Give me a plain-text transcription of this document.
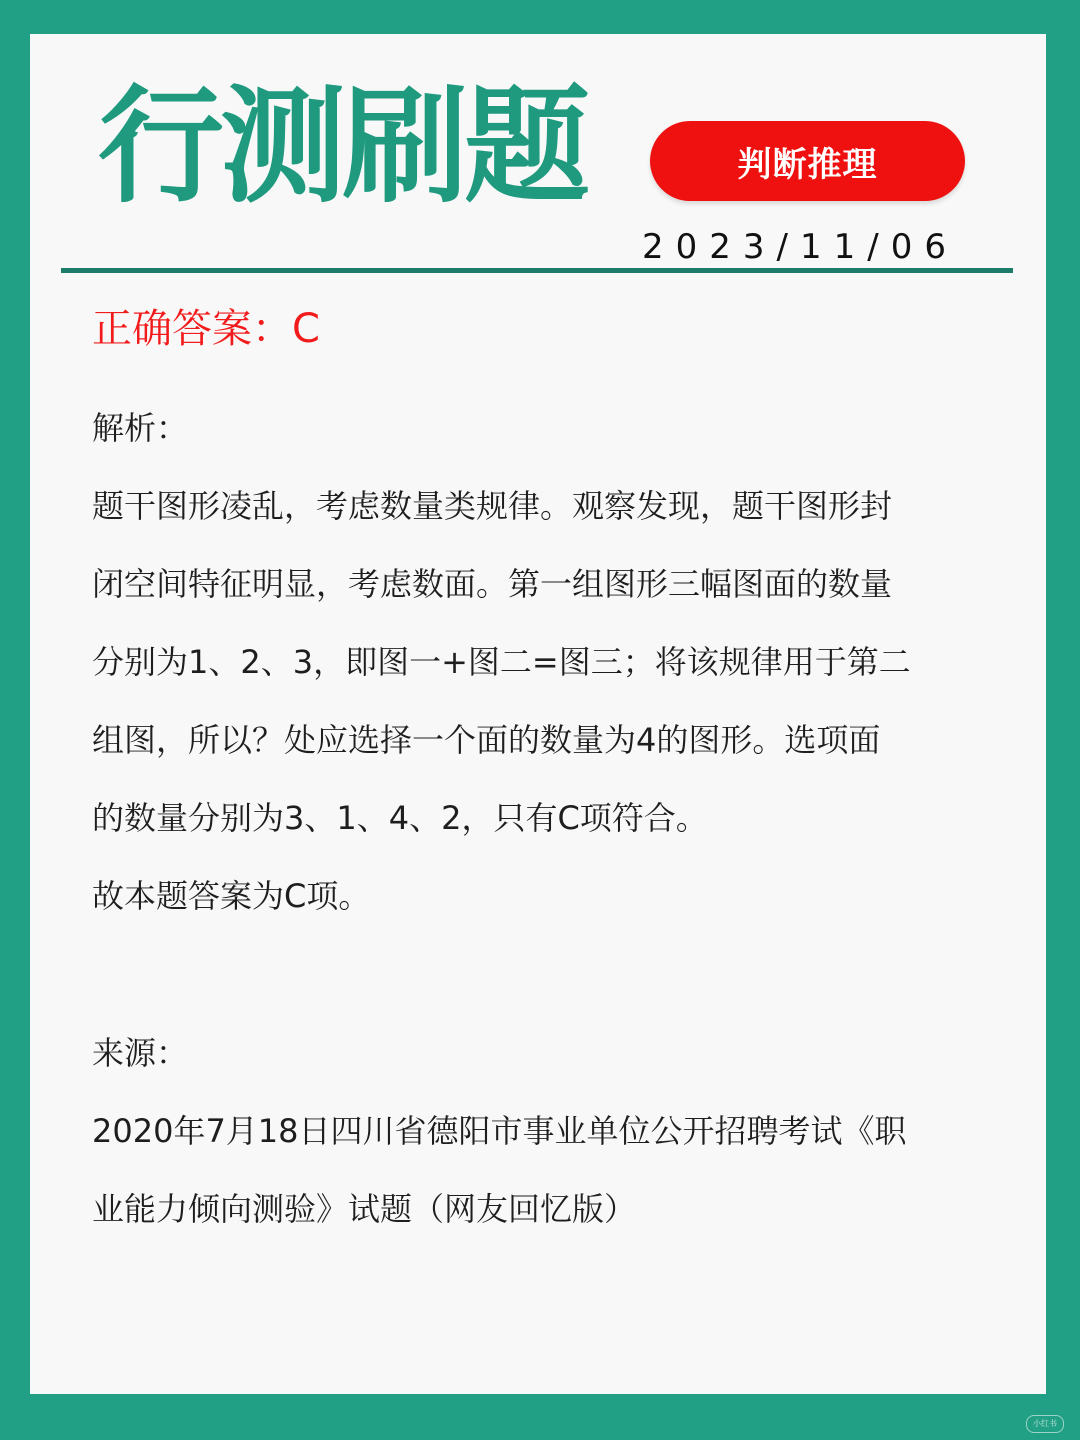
行测刷题	判断推理
2023/11/06

正确答案：C

解析：

题干图形凌乱，考虑数量类规律。观察发现，题干图形封
闭空间特征明显，考虑数面。第一组图形三幅图面的数量
分别为1、2、3，即图一+图二=图三；将该规律用于第二
组图，所以？处应选择一个面的数量为4的图形。选项面
的数量分别为3、1、4、2，只有C项符合。
故本题答案为C项。

来源：

2020年7月18日四川省德阳市事业单位公开招聘考试《职
业能力倾向测验》试题（网友回忆版）
小红书
